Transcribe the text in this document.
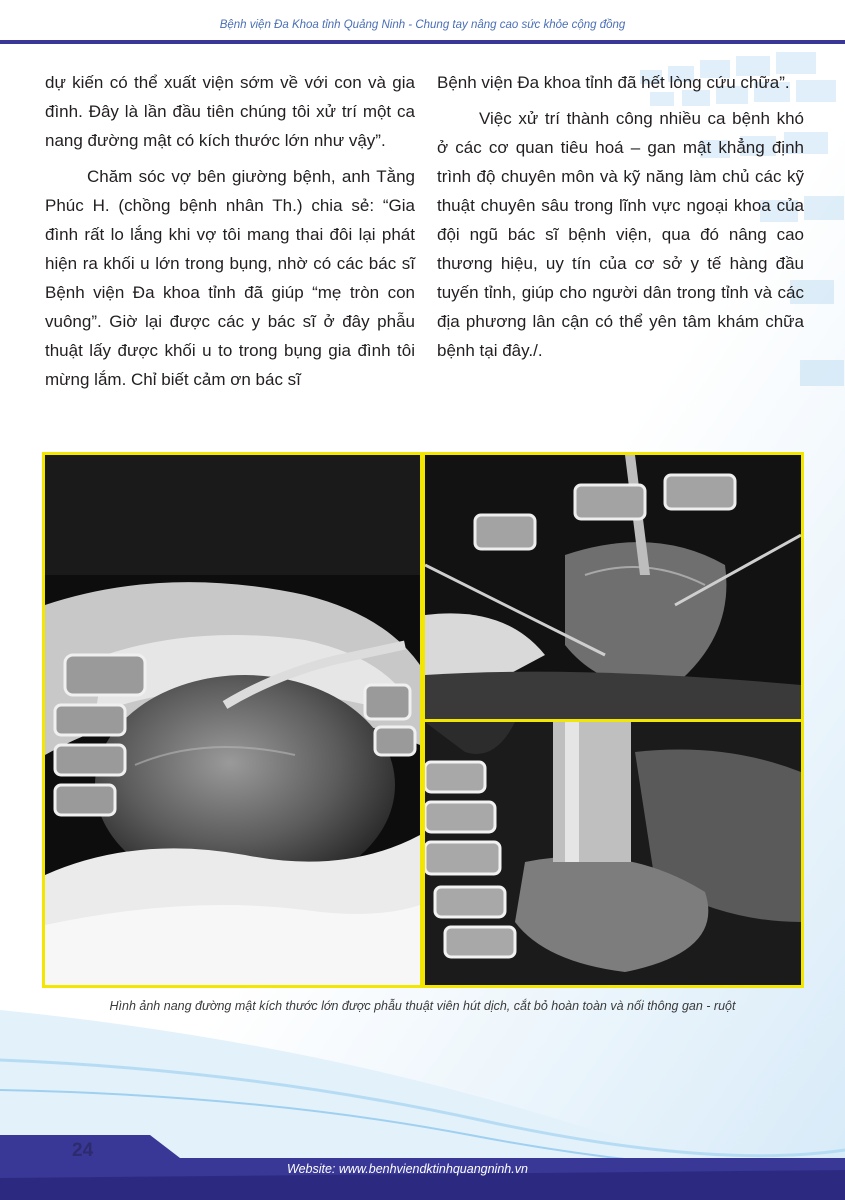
Bệnh viện Đa Khoa tỉnh Quảng Ninh - Chung tay nâng cao sức khỏe cộng đồng

dự kiến có thể xuất viện sớm về với con và gia đình. Đây là lần đầu tiên chúng tôi xử trí một ca nang đường mật có kích thước lớn như vậy”.

Chăm sóc vợ bên giường bệnh, anh Tằng Phúc H. (chồng bệnh nhân Th.) chia sẻ: “Gia đình rất lo lắng khi vợ tôi mang thai đôi lại phát hiện ra khối u lớn trong bụng, nhờ có các bác sĩ Bệnh viện Đa khoa tỉnh đã giúp “mẹ tròn con vuông”. Giờ lại được các y bác sĩ ở đây phẫu thuật lấy được khối u to trong bụng gia đình tôi mừng lắm. Chỉ biết cảm ơn bác sĩ

Bệnh viện Đa khoa tỉnh đã hết lòng cứu chữa”.

Việc xử trí thành công nhiều ca bệnh khó ở các cơ quan tiêu hoá – gan mật khẳng định trình độ chuyên môn và kỹ năng làm chủ các kỹ thuật chuyên sâu trong lĩnh vực ngoại khoa của đội ngũ bác sĩ bệnh viện, qua đó nâng cao thương hiệu, uy tín của cơ sở y tế hàng đầu tuyến tỉnh, giúp cho người dân trong tỉnh và các địa phương lân cận có thể yên tâm khám chữa bệnh tại đây./.

Hình ảnh nang đường mật kích thước lớn được phẫu thuật viên hút dịch, cắt bỏ hoàn toàn và nối thông gan - ruột
24
Website: www.benhviendktinhquangninh.vn
